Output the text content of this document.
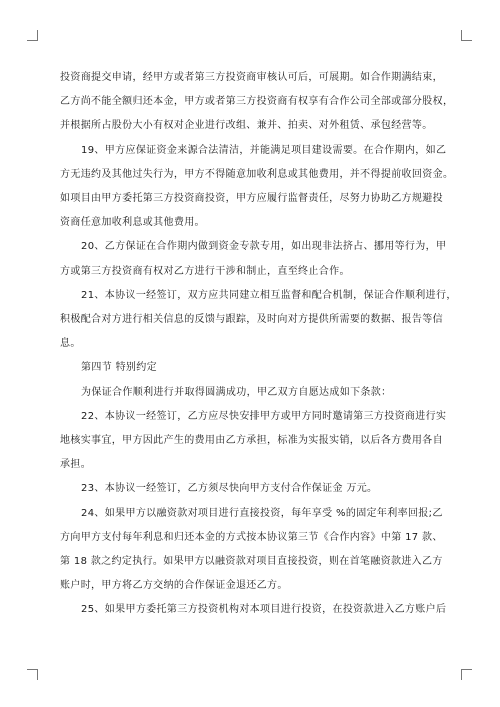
投资商提交申请，经甲方或者第三方投资商审核认可后，可展期。如合作期满结束，
乙方尚不能全额归还本金，甲方或者第三方投资商有权享有合作公司全部或部分股权，
并根据所占股份大小有权对企业进行改组、兼并、拍卖、对外租赁、承包经营等。

19、甲方应保证资金来源合法清洁，并能满足项目建设需要。在合作期内，如乙
方无违约及其他过失行为，甲方不得随意加收利息或其他费用，并不得提前收回资金。
如项目由甲方委托第三方投资商投资，甲方应履行监督责任，尽努力协助乙方规避投
资商任意加收利息或其他费用。

20、乙方保证在合作期内做到资金专款专用，如出现非法挤占、挪用等行为，甲
方或第三方投资商有权对乙方进行干涉和制止，直至终止合作。

21、本协议一经签订，双方应共同建立相互监督和配合机制，保证合作顺利进行，
积极配合对方进行相关信息的反馈与跟踪，及时向对方提供所需要的数据、报告等信
息。

第四节 特别约定

为保证合作顺利进行并取得圆满成功，甲乙双方自愿达成如下条款：

22、本协议一经签订，乙方应尽快安排甲方或甲方同时邀请第三方投资商进行实
地核实事宜，甲方因此产生的费用由乙方承担，标准为实报实销，以后各方费用各自
承担。

23、本协议一经签订，乙方须尽快向甲方支付合作保证金 万元。

24、如果甲方以融资款对项目进行直接投资，每年享受 %的固定年利率回报;乙
方向甲方支付每年利息和归还本金的方式按本协议第三节《合作内容》中第 17 款、
第 18 款之约定执行。如果甲方以融资款对项目直接投资，则在首笔融资款进入乙方
账户时，甲方将乙方交纳的合作保证金退还乙方。

25、如果甲方委托第三方投资机构对本项目进行投资，在投资款进入乙方账户后
